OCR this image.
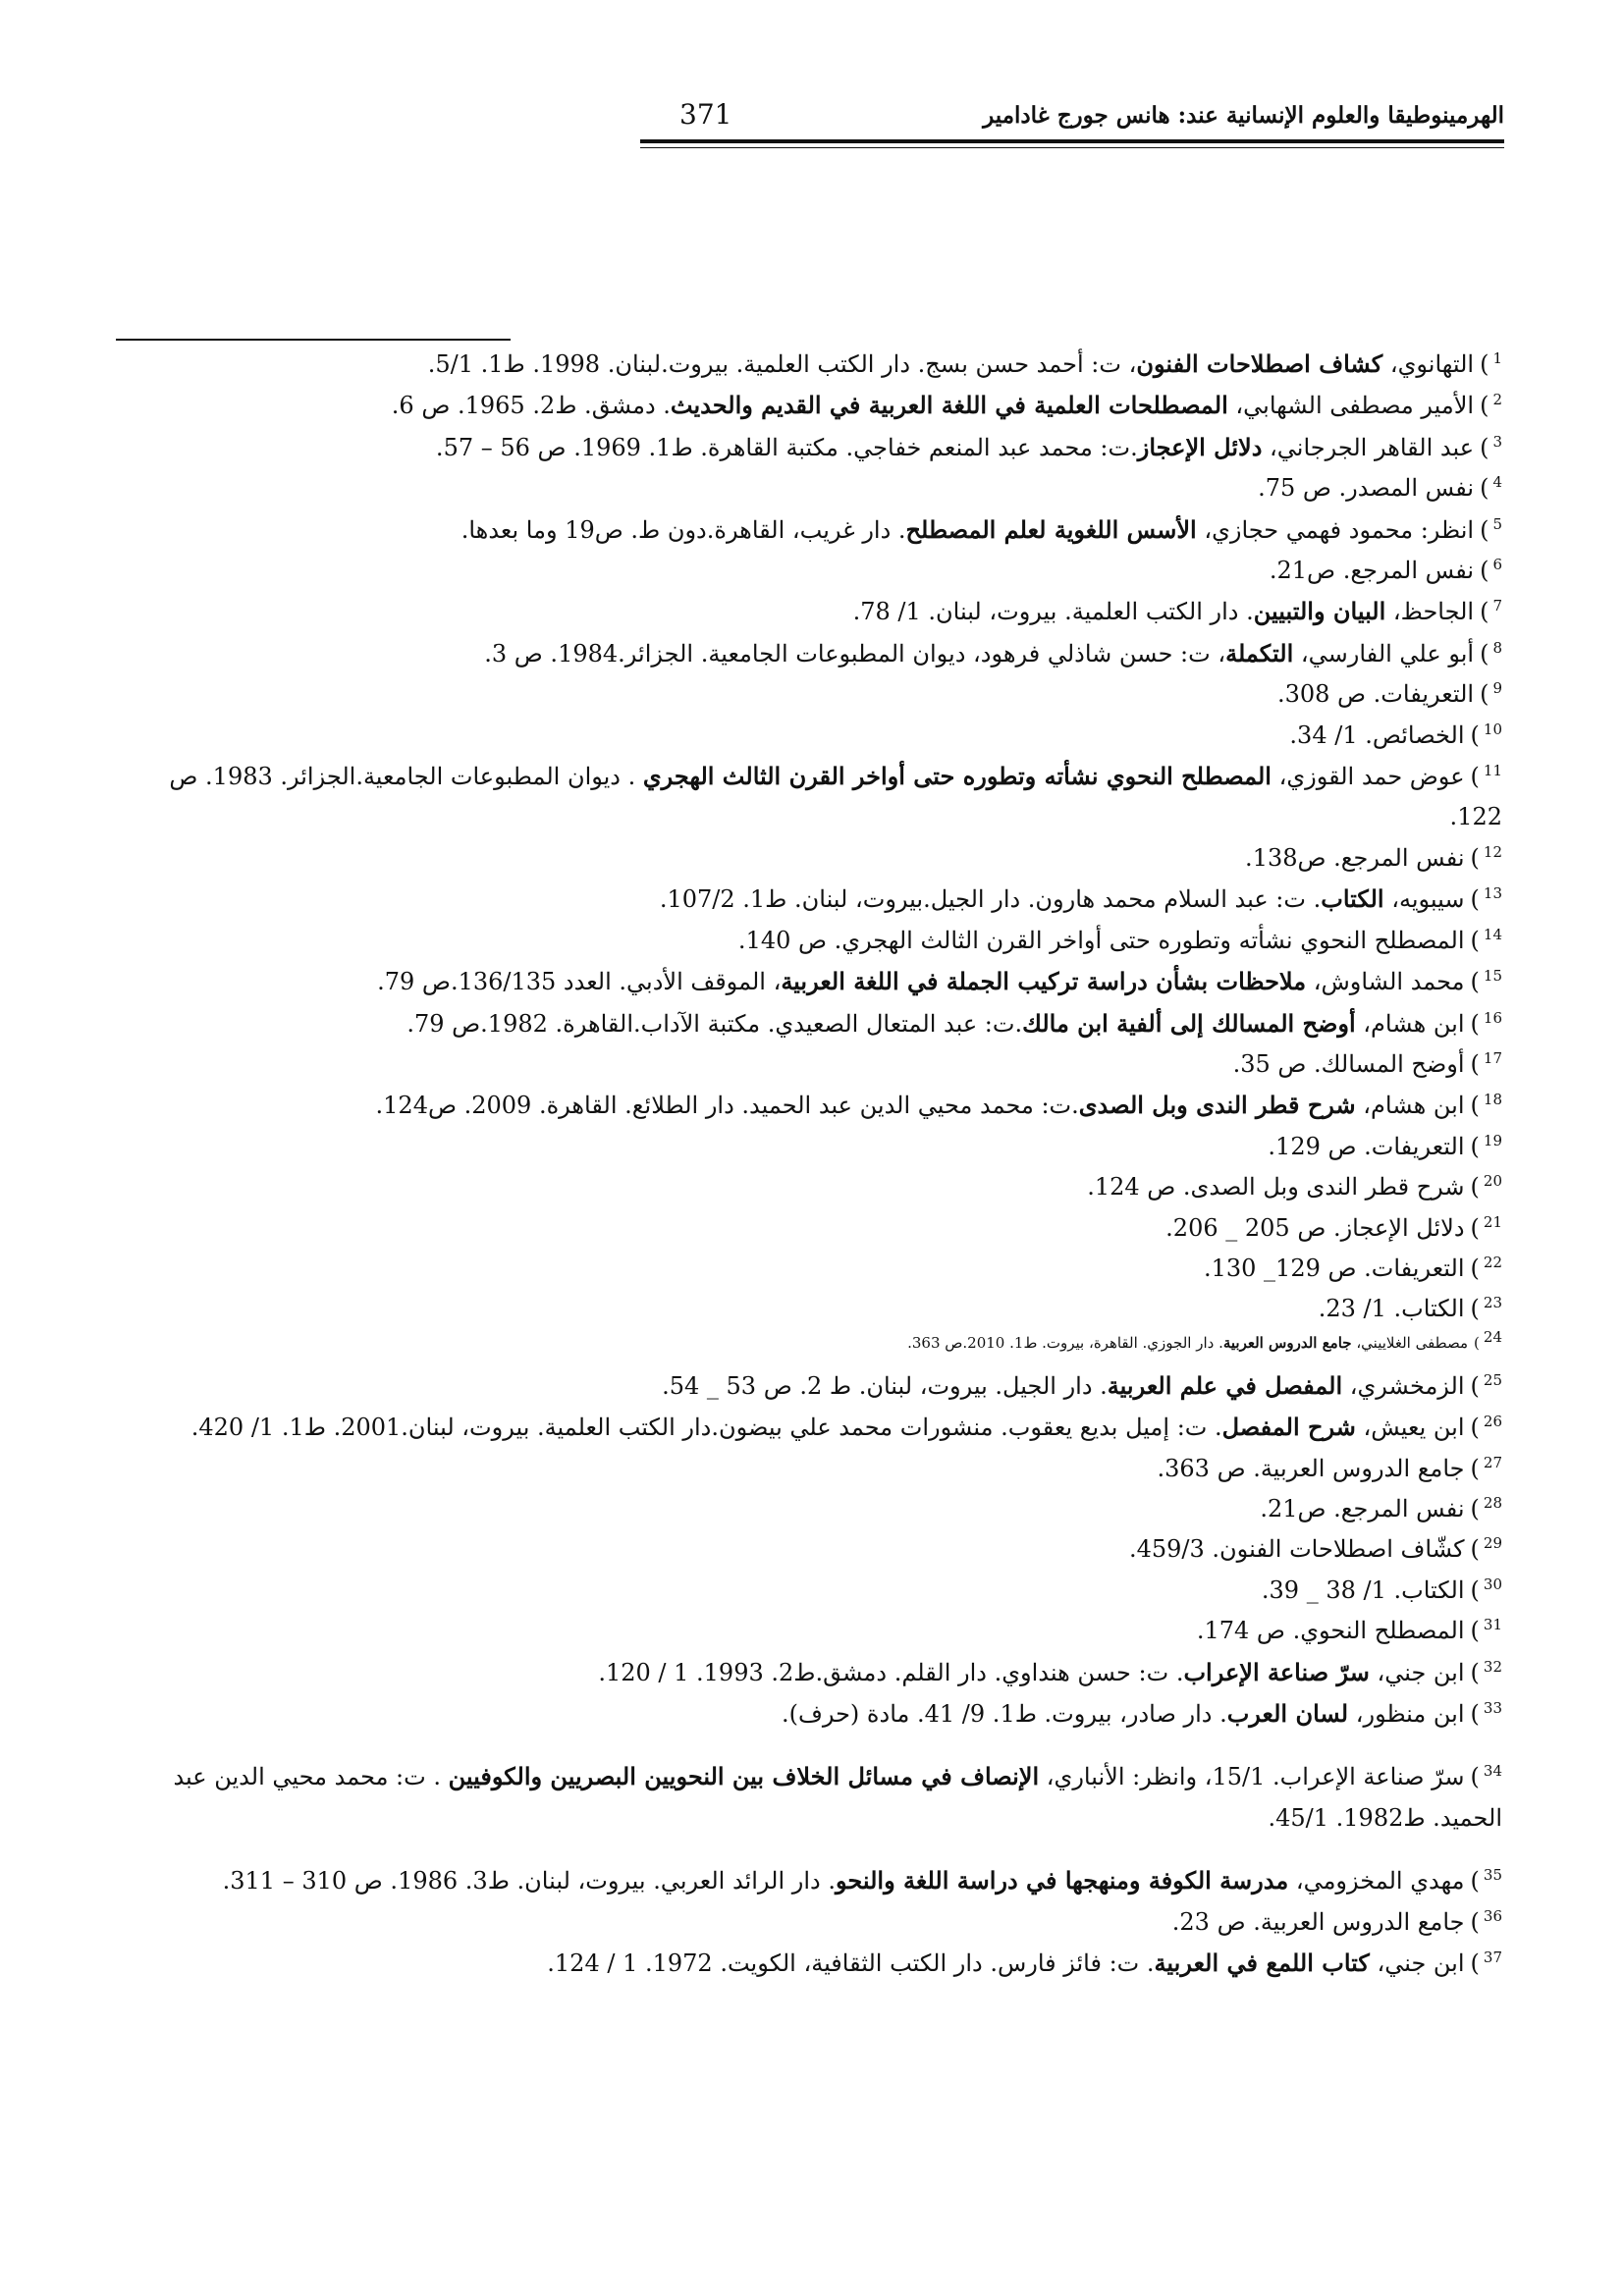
الهرمينوطيقا والعلوم الإنسانية عند: هانس جورج غادامير
371
$^1$)التهانوي، كشاف اصطلاحات الفنون، ت: أحمد حسن بسج. دار الكتب العلمية. بيروت.لبنان. 1998. ط1. 5/1.
$^2$)الأمير مصطفى الشهابي، المصطلحات العلمية في اللغة العربية في القديم والحديث. دمشق. ط2. 1965. ص 6.
$^3$)عبد القاهر الجرجاني، دلائل الإعجاز.ت: محمد عبد المنعم خفاجي. مكتبة القاهرة. ط1. 1969. ص 56 – 57.
$^4$)نفس المصدر. ص 75.
$^5$)انظر: محمود فهمي حجازي، الأسس اللغوية لعلم المصطلح. دار غريب، القاهرة.دون ط. ص19 وما بعدها.
$^6$)نفس المرجع. ص21.
$^7$)الجاحظ، البيان والتبيين. دار الكتب العلمية. بيروت، لبنان. 1/ 78.
$^8$)أبو علي الفارسي، التكملة، ت: حسن شاذلي فرهود، ديوان المطبوعات الجامعية. الجزائر.1984. ص 3.
$^9$)التعريفات. ص 308.
$^{10}$)الخصائص. 1/ 34.
$^{11}$)عوض حمد القوزي، المصطلح النحوي نشأته وتطوره حتى أواخر القرن الثالث الهجري . ديوان المطبوعات الجامعية.الجزائر. 1983. ص 122.
$^{12}$)نفس المرجع. ص138.
$^{13}$)سيبويه، الكتاب. ت: عبد السلام محمد هارون. دار الجيل.بيروت، لبنان. ط1. 107/2.
$^{14}$)المصطلح النحوي نشأته وتطوره حتى أواخر القرن الثالث الهجري. ص 140.
$^{15}$)محمد الشاوش، ملاحظات بشأن دراسة تركيب الجملة في اللغة العربية، الموقف الأدبي. العدد 136/135.ص 79.
$^{16}$)ابن هشام، أوضح المسالك إلى ألفية ابن مالك.ت: عبد المتعال الصعيدي. مكتبة الآداب.القاهرة. 1982.ص 79.
$^{17}$)أوضح المسالك. ص 35.
$^{18}$)ابن هشام، شرح قطر الندى وبل الصدى.ت: محمد محيي الدين عبد الحميد. دار الطلائع. القاهرة. 2009. ص124.
$^{19}$)التعريفات. ص 129.
$^{20}$)شرح قطر الندى وبل الصدى. ص 124.
$^{21}$)دلائل الإعجاز. ص 205 _ 206.
$^{22}$)التعريفات. ص 129_ 130.
$^{23}$)الكتاب. 1/ 23.
$^{24}$)مصطفى الغلاييني، جامع الدروس العربية. دار الجوزي. القاهرة، بيروت. ط1. 2010.ص 363.
$^{25}$)الزمخشري، المفصل في علم العربية. دار الجيل. بيروت، لبنان. ط 2. ص 53 _ 54.
$^{26}$)ابن يعيش، شرح المفصل. ت: إميل بديع يعقوب. منشورات محمد علي بيضون.دار الكتب العلمية. بيروت، لبنان.2001. ط1. 1/ 420.
$^{27}$)جامع الدروس العربية. ص 363.
$^{28}$)نفس المرجع. ص21.
$^{29}$)كشّاف اصطلاحات الفنون. 459/3.
$^{30}$)الكتاب. 1/ 38 _ 39.
$^{31}$)المصطلح النحوي. ص 174.
$^{32}$)ابن جني، سرّ صناعة الإعراب. ت: حسن هنداوي. دار القلم. دمشق.ط2. 1993. 1 / 120.
$^{33}$)ابن منظور، لسان العرب. دار صادر، بيروت. ط1. 9/ 41. مادة (حرف).
$^{34}$)سرّ صناعة الإعراب. 15/1، وانظر: الأنباري، الإنصاف في مسائل الخلاف بين النحويين البصريين والكوفيين . ت: محمد محيي الدين عبد الحميد. ط1982. 45/1.
$^{35}$)مهدي المخزومي، مدرسة الكوفة ومنهجها في دراسة اللغة والنحو. دار الرائد العربي. بيروت، لبنان. ط3. 1986. ص 310 – 311.
$^{36}$)جامع الدروس العربية. ص 23.
$^{37}$)ابن جني، كتاب اللمع في العربية. ت: فائز فارس. دار الكتب الثقافية، الكويت. 1972. 1 / 124.
